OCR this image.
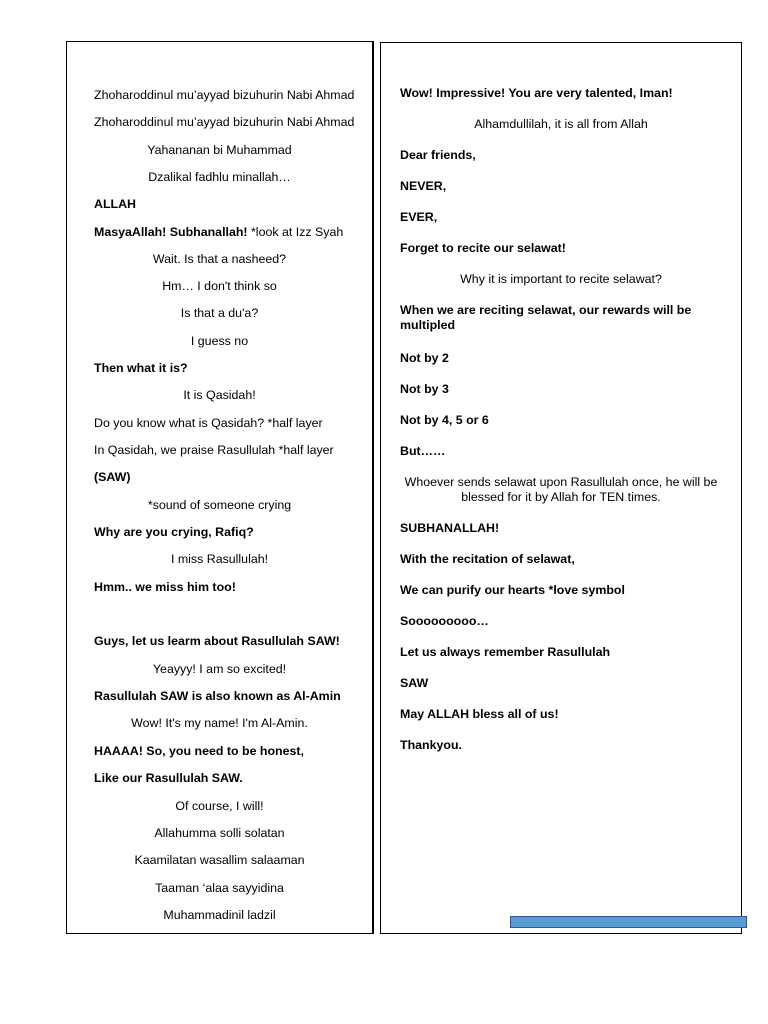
Zhoharoddinul mu’ayyad bizuhurin Nabi Ahmad
Zhoharoddinul mu’ayyad bizuhurin Nabi Ahmad
Yahananan bi Muhammad
Dzalikal fadhlu minallah…
ALLAH
MasyaAllah! Subhanallah! *look at Izz Syah
Wait. Is that a nasheed?
Hm… I don't think so
Is that a du'a?
I guess no
Then what it is?
It is Qasidah!
Do you know what is Qasidah? *half layer
In Qasidah, we praise Rasullulah *half layer
(SAW)
*sound of someone crying
Why are you crying, Rafiq?
I miss Rasullulah!
Hmm.. we miss him too!
Guys, let us learm about Rasullulah SAW!
Yeayyy! I am so excited!
Rasullulah SAW is also known as Al-Amin
Wow! It's my name! I'm Al-Amin.
HAAAA! So, you need to be honest,
Like our Rasullulah SAW.
Of course, I will!
Allahumma solli solatan
Kaamilatan wasallim salaaman
Taaman ‘alaa sayyidina
Muhammadinil ladzil
Wow! Impressive! You are very talented, Iman!
Alhamdullilah, it is all from Allah
Dear friends,
NEVER,
EVER,
Forget to recite our selawat!
Why it is important to recite selawat?
When we are reciting selawat, our rewards will be multipled
Not by 2
Not by 3
Not by 4, 5 or 6
But……
Whoever sends selawat upon Rasullulah once, he will be blessed for it by Allah for TEN times.
SUBHANALLAH!
With the recitation of selawat,
We can purify our hearts *love symbol
Sooooooooo…
Let us always remember Rasullulah
SAW
May ALLAH bless all of us!
Thankyou.
